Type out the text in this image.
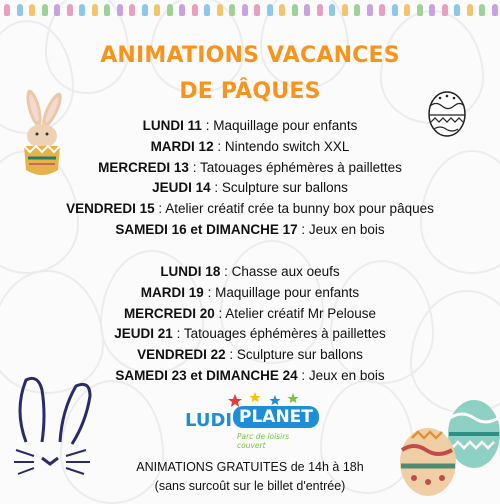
ANIMATIONS VACANCES
DE PÂQUES
LUNDI 11 : Maquillage pour enfants
MARDI 12 : Nintendo switch XXL
MERCREDI 13 : Tatouages éphémères à paillettes
JEUDI 14 : Sculpture sur ballons
VENDREDI 15 : Atelier créatif crée ta bunny box pour pâques
SAMEDI 16 et DIMANCHE 17 : Jeux en bois
LUNDI 18 : Chasse aux oeufs
MARDI 19 : Maquillage pour enfants
MERCREDI 20 : Atelier créatif Mr Pelouse
JEUDI 21 : Tatouages éphémères à paillettes
VENDREDI 22 : Sculpture sur ballons
SAMEDI 23 et DIMANCHE 24 : Jeux en bois
LUDI PLANET
Parc de loisirs couvert
ANIMATIONS GRATUITES de 14h à 18h
(sans surcoût sur le billet d'entrée)
